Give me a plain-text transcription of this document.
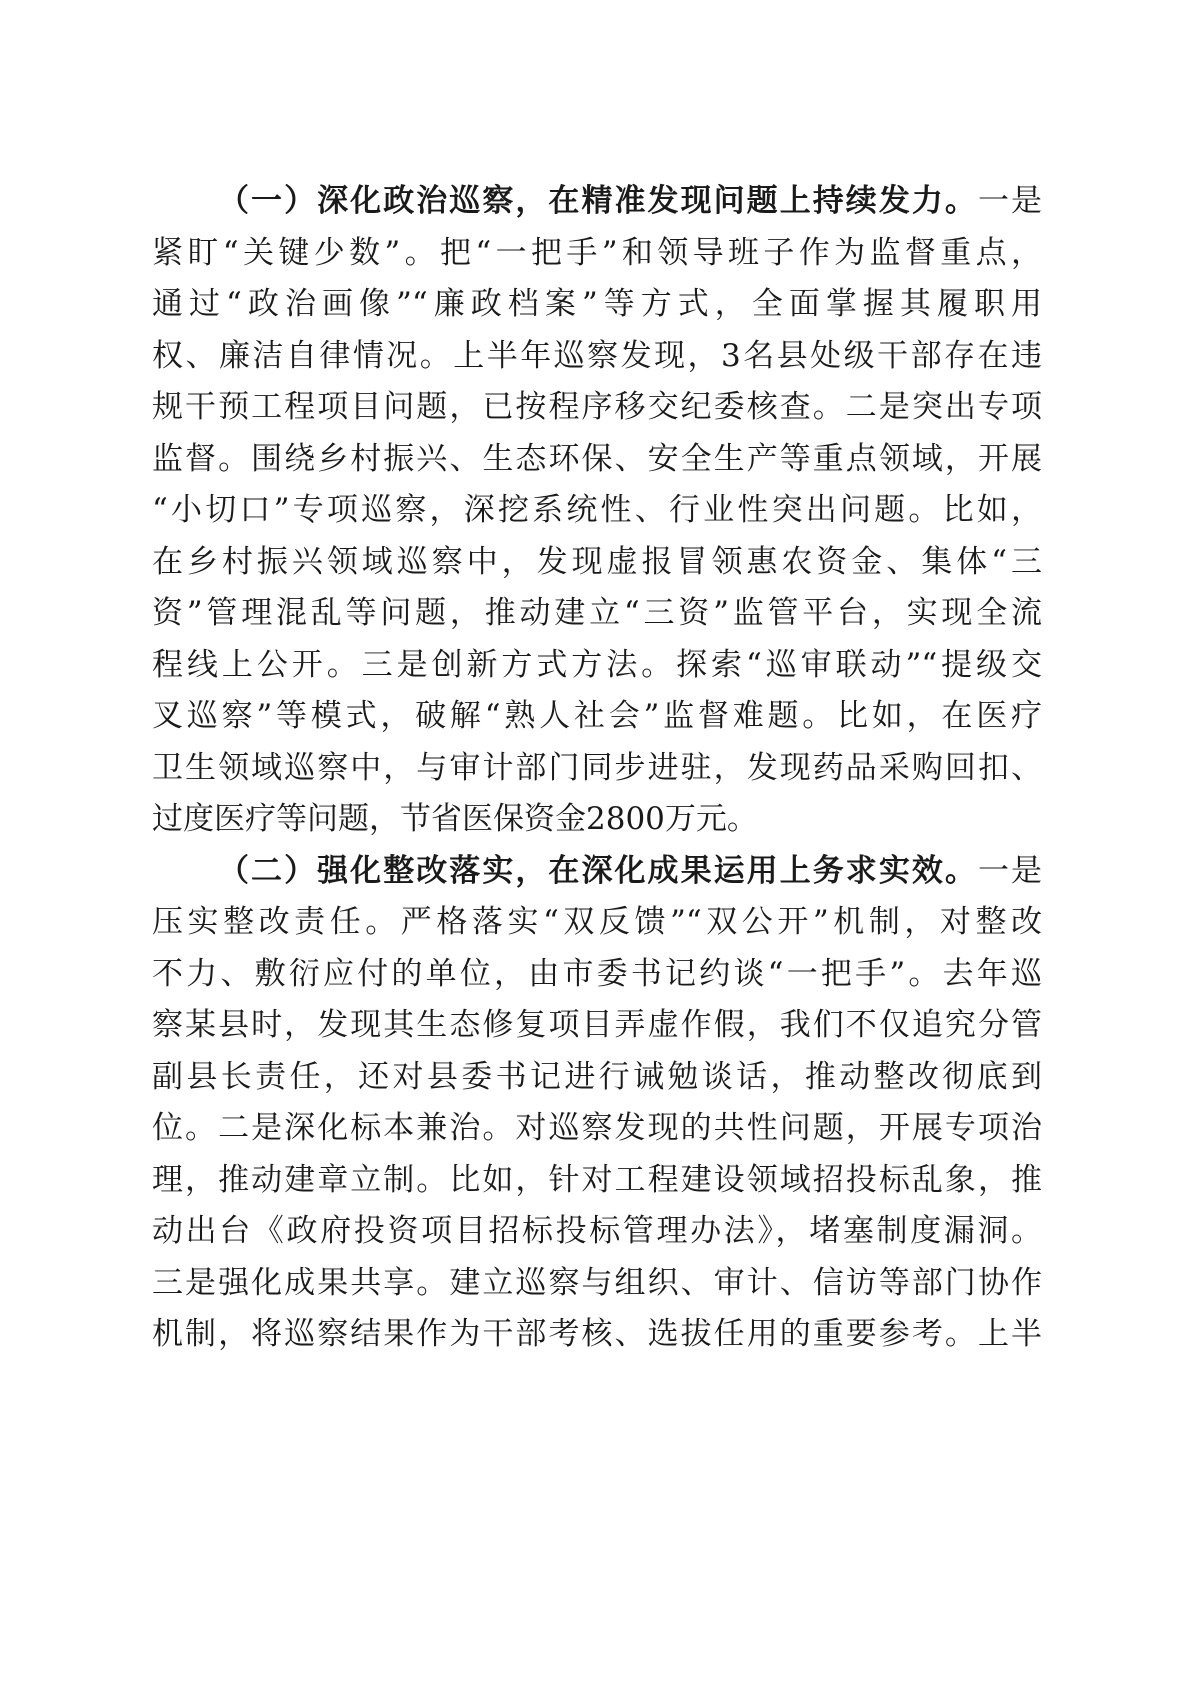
（一）深化政治巡察，在精准发现问题上持续发力。一是
紧盯“关键少数”。把“一把手”和领导班子作为监督重点，
通过“政治画像”“廉政档案”等方式，全面掌握其履职用
权、廉洁自律情况。上半年巡察发现，3名县处级干部存在违
规干预工程项目问题，已按程序移交纪委核查。二是突出专项
监督。围绕乡村振兴、生态环保、安全生产等重点领域，开展
“小切口”专项巡察，深挖系统性、行业性突出问题。比如，
在乡村振兴领域巡察中，发现虚报冒领惠农资金、集体“三
资”管理混乱等问题，推动建立“三资”监管平台，实现全流
程线上公开。三是创新方式方法。探索“巡审联动”“提级交
叉巡察”等模式，破解“熟人社会”监督难题。比如，在医疗
卫生领域巡察中，与审计部门同步进驻，发现药品采购回扣、
过度医疗等问题，节省医保资金2800万元。
（二）强化整改落实，在深化成果运用上务求实效。一是
压实整改责任。严格落实“双反馈”“双公开”机制，对整改
不力、敷衍应付的单位，由市委书记约谈“一把手”。去年巡
察某县时，发现其生态修复项目弄虚作假，我们不仅追究分管
副县长责任，还对县委书记进行诫勉谈话，推动整改彻底到
位。二是深化标本兼治。对巡察发现的共性问题，开展专项治
理，推动建章立制。比如，针对工程建设领域招投标乱象，推
动出台《政府投资项目招标投标管理办法》，堵塞制度漏洞。
三是强化成果共享。建立巡察与组织、审计、信访等部门协作
机制，将巡察结果作为干部考核、选拔任用的重要参考。上半
